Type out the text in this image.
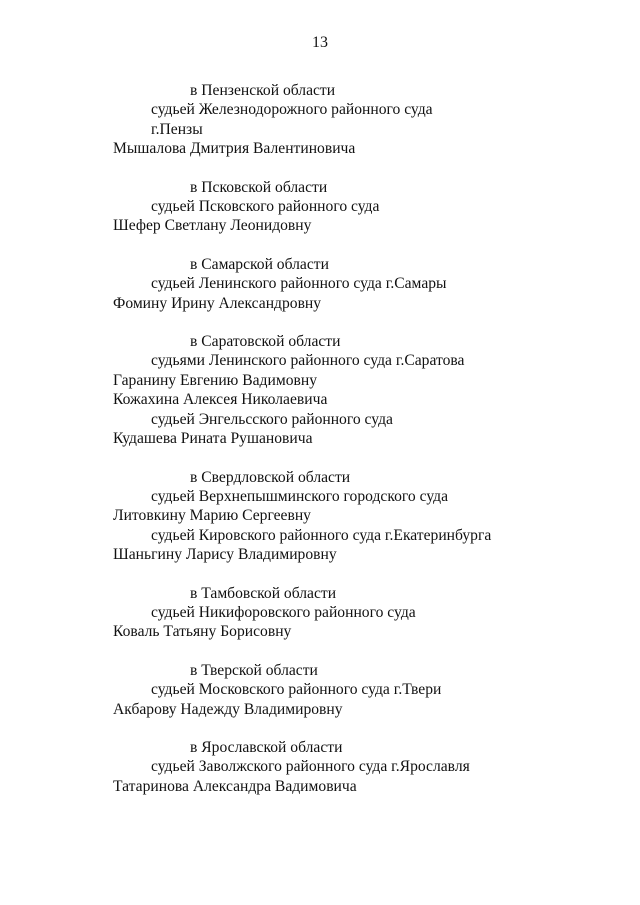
13
в Пензенской области
судьей Железнодорожного районного суда
г.Пензы
Мышалова Дмитрия Валентиновича
в Псковской области
судьей Псковского районного суда
Шефер Светлану Леонидовну
в Самарской области
судьей Ленинского районного суда г.Самары
Фомину Ирину Александровну
в Саратовской области
судьями Ленинского районного суда г.Саратова
Гаранину Евгению Вадимовну
Кожахина Алексея Николаевича
судьей Энгельсского районного суда
Кудашева Рината Рушановича
в Свердловской области
судьей Верхнепышминского городского суда
Литовкину Марию Сергеевну
судьей Кировского районного суда г.Екатеринбурга
Шаньгину Ларису Владимировну
в Тамбовской области
судьей Никифоровского районного суда
Коваль Татьяну Борисовну
в Тверской области
судьей Московского районного суда г.Твери
Акбарову Надежду Владимировну
в Ярославской области
судьей Заволжского районного суда г.Ярославля
Татаринова Александра Вадимовича
